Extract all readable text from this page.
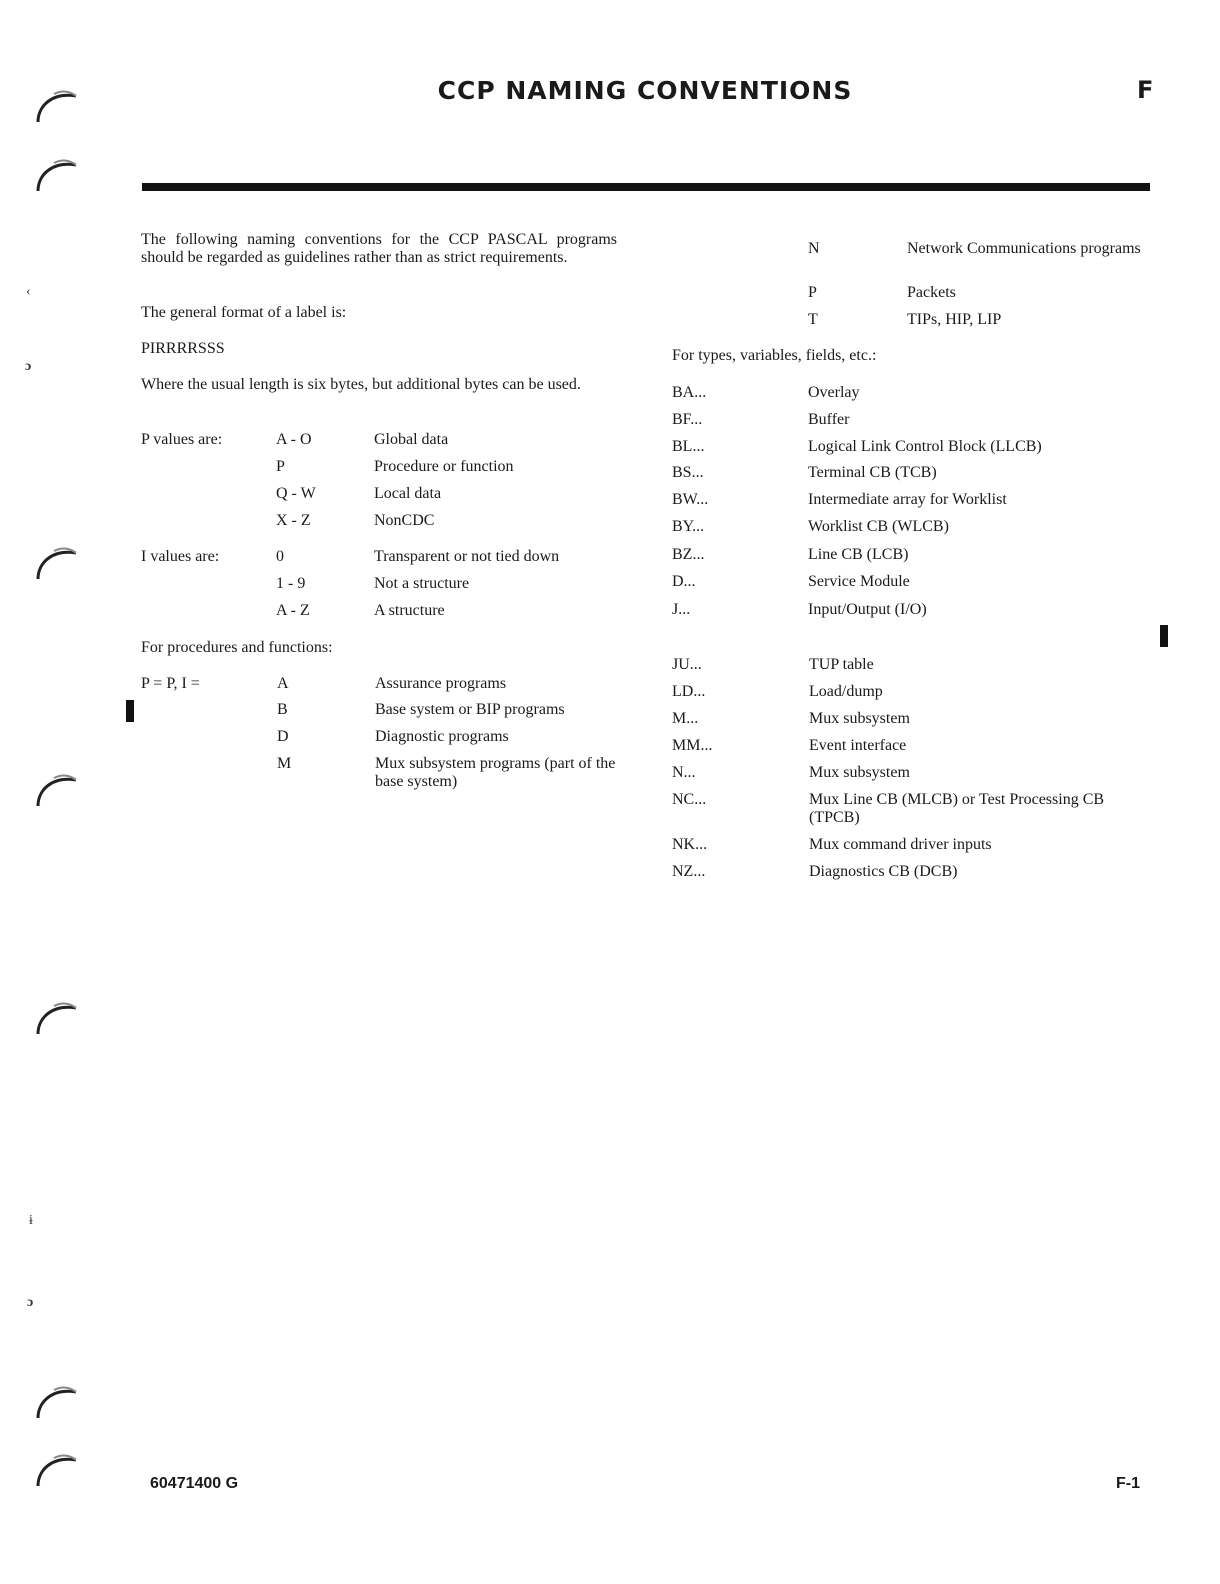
CCP NAMING CONVENTIONS	F
‹
ɔ
ɨ
ɔ
The following naming conventions for the CCP PASCAL programs should be regarded as guidelines rather than as strict requirements.
The general format of a label is:
PIRRRRSSS
Where the usual length is six bytes, but additional bytes can be used.
P values are:	A - O	Global data
P	Procedure or function
Q - W	Local data
X - Z	NonCDC
I values are:	0	Transparent or not tied down
1 - 9	Not a structure
A - Z	A structure
For procedures and functions:
P = P, I =	A	Assurance programs
B	Base system or BIP programs
D	Diagnostic programs
M	Mux subsystem programs (part of the base system)
N	Network Communications programs
P	Packets
T	TIPs, HIP, LIP
For types, variables, fields, etc.:
BA...	Overlay
BF...	Buffer
BL...	Logical Link Control Block (LLCB)
BS...	Terminal CB (TCB)
BW...	Intermediate array for Worklist
BY...	Worklist CB (WLCB)
BZ...	Line CB (LCB)
D...	Service Module
J...	Input/Output (I/O)
JU...	TUP table
LD...	Load/dump
M...	Mux subsystem
MM...	Event interface
N...	Mux subsystem
NC...	Mux Line CB (MLCB) or Test Processing CB (TPCB)
NK...	Mux command driver inputs
NZ...	Diagnostics CB (DCB)
60471400 G	F-1
